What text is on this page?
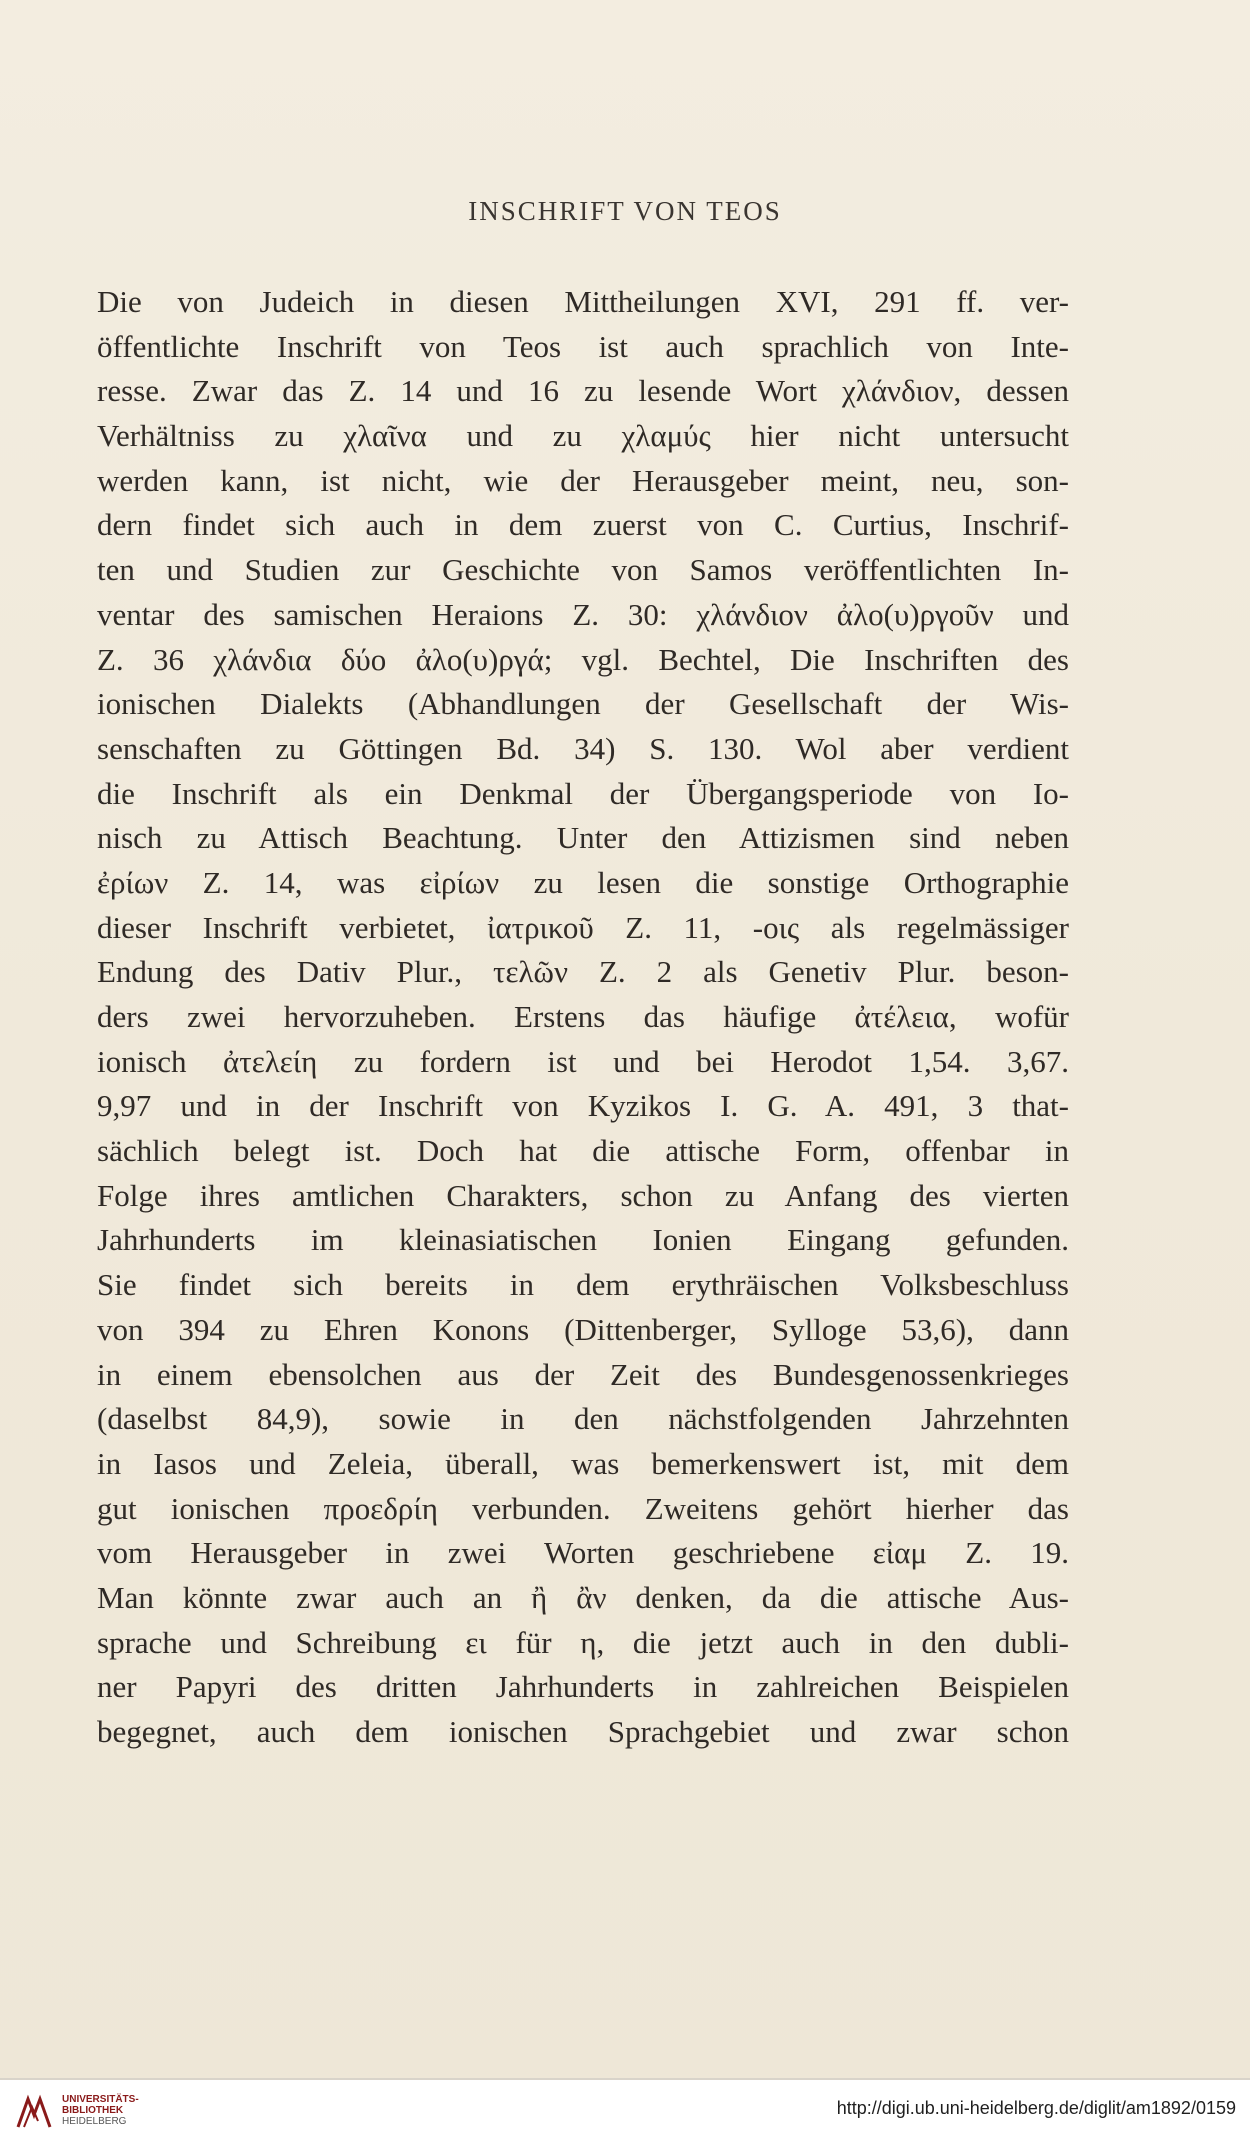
INSCHRIFT VON TEOS
Die von Judeich in diesen Mittheilungen XVI, 291 ff. ver-
öffentlichte Inschrift von Teos ist auch sprachlich von Inte-
resse. Zwar das Z. 14 und 16 zu lesende Wort χλάνδιον, dessen
Verhältniss zu χλαῖνα und zu χλαμύς hier nicht untersucht
werden kann, ist nicht, wie der Herausgeber meint, neu, son-
dern findet sich auch in dem zuerst von C. Curtius, Inschrif-
ten und Studien zur Geschichte von Samos veröffentlichten In-
ventar des samischen Heraions Z. 30: χλάνδιον ἀλο(υ)ργοῦν und
Z. 36 χλάνδια δύο ἀλο(υ)ργά; vgl. Bechtel, Die Inschriften des
ionischen Dialekts (Abhandlungen der Gesellschaft der Wis-
senschaften zu Göttingen Bd. 34) S. 130. Wol aber verdient
die Inschrift als ein Denkmal der Übergangsperiode von Io-
nisch zu Attisch Beachtung. Unter den Attizismen sind neben
ἐρίων Z. 14, was εἰρίων zu lesen die sonstige Orthographie
dieser Inschrift verbietet, ἰατρικοῦ Z. 11, -οις als regelmässiger
Endung des Dativ Plur., τελῶν Z. 2 als Genetiv Plur. beson-
ders zwei hervorzuheben. Erstens das häufige ἀτέλεια, wofür
ionisch ἀτελείη zu fordern ist und bei Herodot 1,54. 3,67.
9,97 und in der Inschrift von Kyzikos I. G. A. 491, 3 that-
sächlich belegt ist. Doch hat die attische Form, offenbar in
Folge ihres amtlichen Charakters, schon zu Anfang des vierten
Jahrhunderts im kleinasiatischen Ionien Eingang gefunden.
Sie findet sich bereits in dem erythräischen Volksbeschluss
von 394 zu Ehren Konons (Dittenberger, Sylloge 53,6), dann
in einem ebensolchen aus der Zeit des Bundesgenossenkrieges
(daselbst 84,9), sowie in den nächstfolgenden Jahrzehnten
in Iasos und Zeleia, überall, was bemerkenswert ist, mit dem
gut ionischen προεδρίη verbunden. Zweitens gehört hierher das
vom Herausgeber in zwei Worten geschriebene εἰαμ Z. 19.
Man könnte zwar auch an ἢ ἂν denken, da die attische Aus-
sprache und Schreibung ει für η, die jetzt auch in den dubli-
ner Papyri des dritten Jahrhunderts in zahlreichen Beispielen
begegnet, auch dem ionischen Sprachgebiet und zwar schon
UNIVERSITÄTS-
BIBLIOTHEK
HEIDELBERG
http://digi.ub.uni-heidelberg.de/diglit/am1892/0159
